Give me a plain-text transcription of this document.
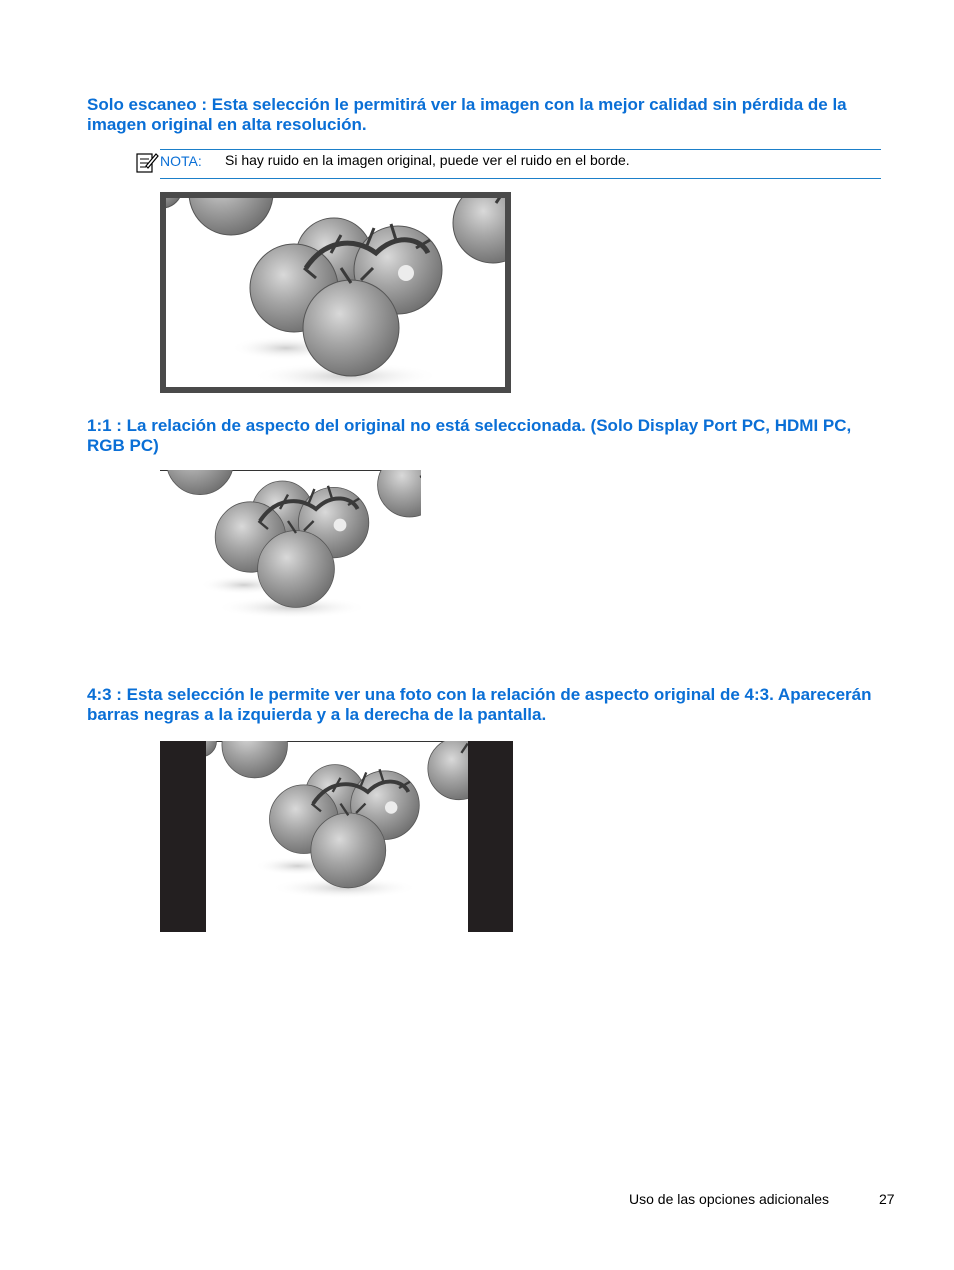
Solo escaneo : Esta selección le permitirá ver la imagen con la mejor calidad sin pérdida de la imagen original en alta resolución.
NOTA: Si hay ruido en la imagen original, puede ver el ruido en el borde.
1:1 : La relación de aspecto del original no está seleccionada. (Solo Display Port PC, HDMI PC, RGB PC)
4:3 : Esta selección le permite ver una foto con la relación de aspecto original de 4:3. Aparecerán barras negras a la izquierda y a la derecha de la pantalla.
Uso de las opciones adicionales	27
